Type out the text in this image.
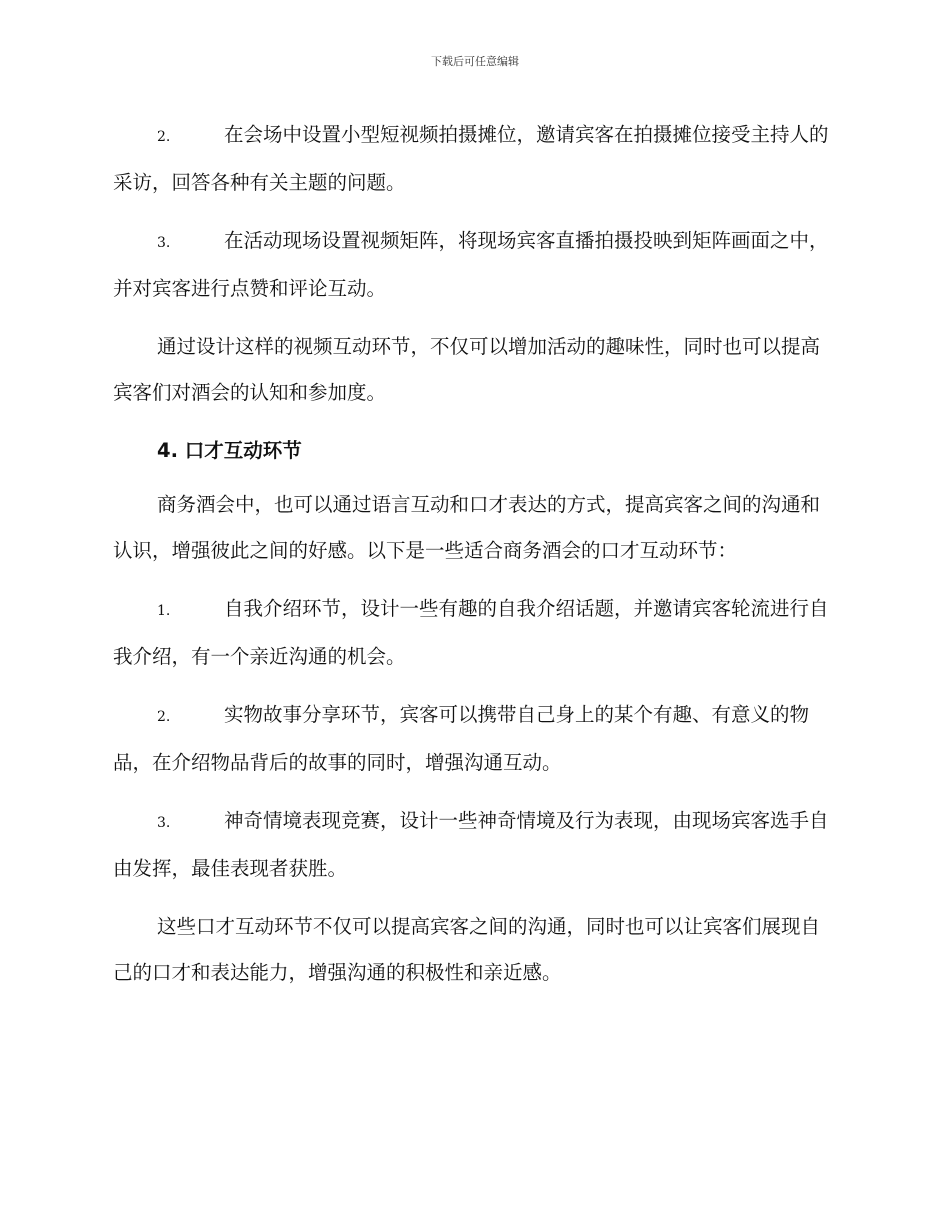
下载后可任意编辑

2.	在会场中设置小型短视频拍摄摊位，邀请宾客在拍摄摊位接受主持人的采访，回答各种有关主题的问题。

3.	在活动现场设置视频矩阵，将现场宾客直播拍摄投映到矩阵画面之中，并对宾客进行点赞和评论互动。

通过设计这样的视频互动环节，不仅可以增加活动的趣味性，同时也可以提高宾客们对酒会的认知和参加度。

4. 口才互动环节

商务酒会中，也可以通过语言互动和口才表达的方式，提高宾客之间的沟通和认识，增强彼此之间的好感。以下是一些适合商务酒会的口才互动环节：

1.	自我介绍环节，设计一些有趣的自我介绍话题，并邀请宾客轮流进行自我介绍，有一个亲近沟通的机会。

2.	实物故事分享环节，宾客可以携带自己身上的某个有趣、有意义的物品，在介绍物品背后的故事的同时，增强沟通互动。

3.	神奇情境表现竞赛，设计一些神奇情境及行为表现，由现场宾客选手自由发挥，最佳表现者获胜。

这些口才互动环节不仅可以提高宾客之间的沟通，同时也可以让宾客们展现自己的口才和表达能力，增强沟通的积极性和亲近感。
